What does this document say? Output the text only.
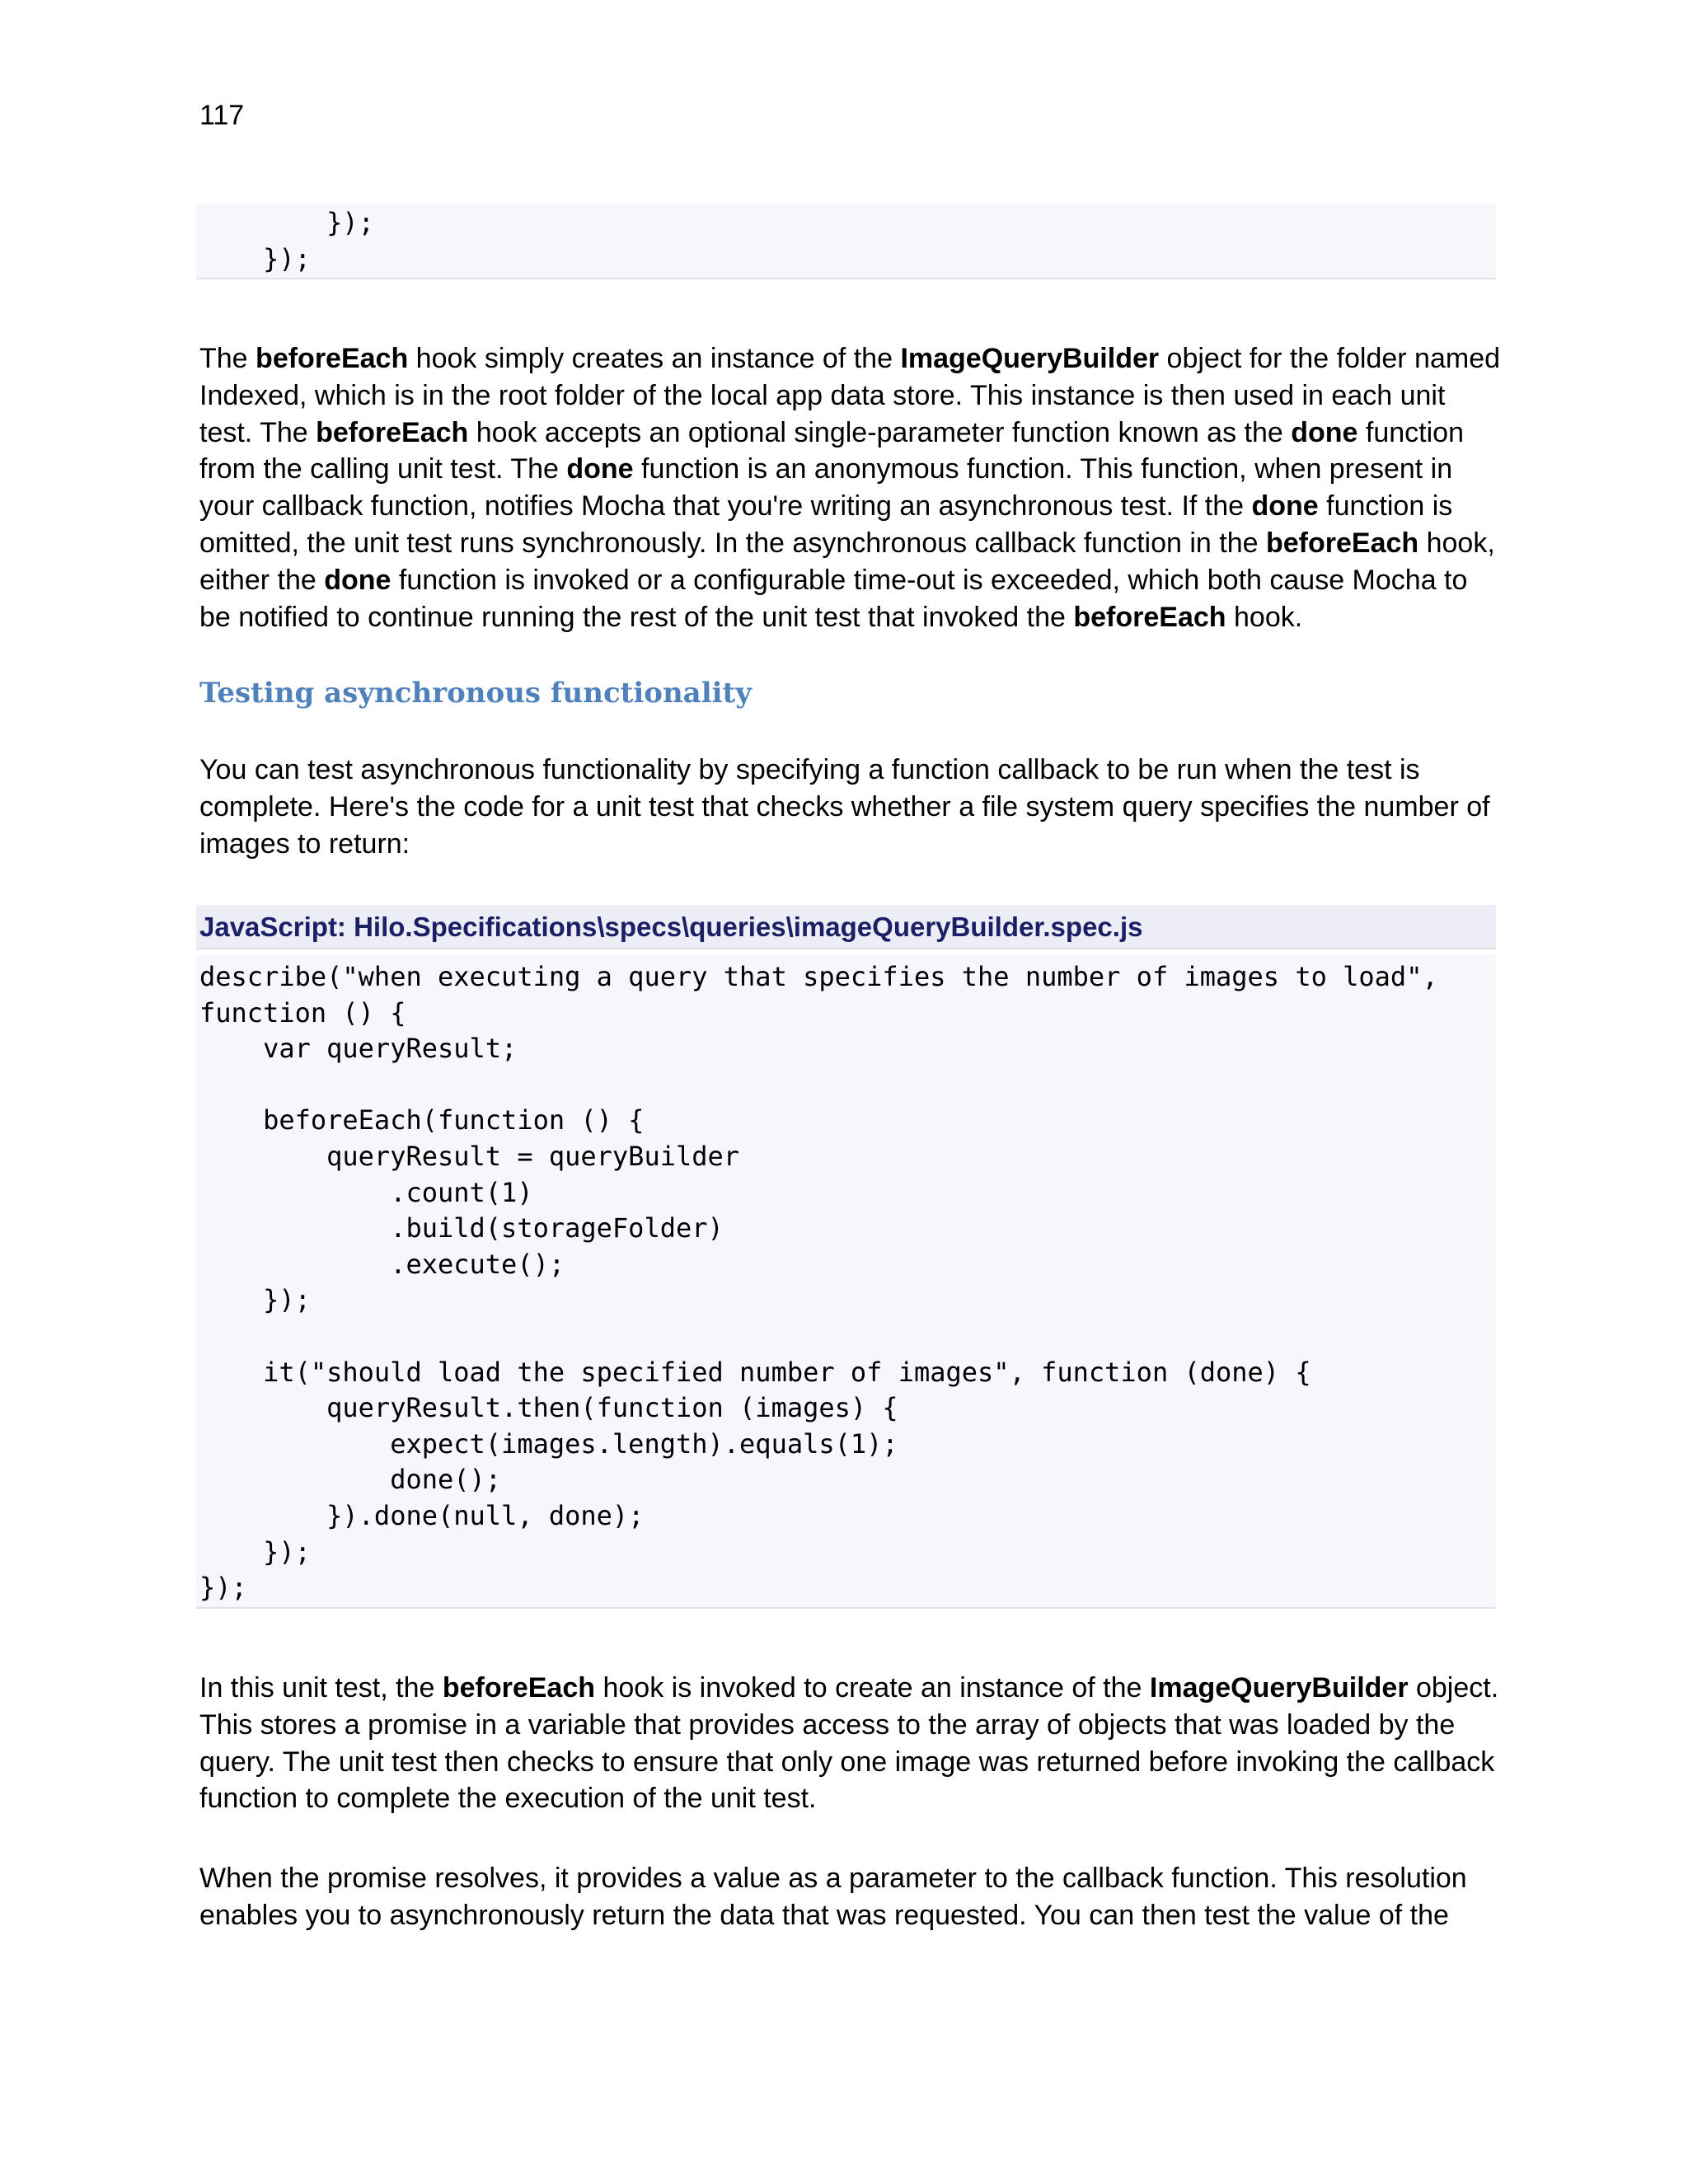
117
});
});

The beforeEach hook simply creates an instance of the ImageQueryBuilder object for the folder named Indexed, which is in the root folder of the local app data store. This instance is then used in each unit test. The beforeEach hook accepts an optional single-parameter function known as the done function from the calling unit test. The done function is an anonymous function. This function, when present in your callback function, notifies Mocha that you're writing an asynchronous test. If the done function is omitted, the unit test runs synchronously. In the asynchronous callback function in the beforeEach hook, either the done function is invoked or a configurable time-out is exceeded, which both cause Mocha to be notified to continue running the rest of the unit test that invoked the beforeEach hook.

Testing asynchronous functionality

You can test asynchronous functionality by specifying a function callback to be run when the test is complete. Here's the code for a unit test that checks whether a file system query specifies the number of images to return:

JavaScript: Hilo.Specifications\specs\queries\imageQueryBuilder.spec.js
describe("when executing a query that specifies the number of images to load",
function () {
var queryResult;

beforeEach(function () {
queryResult = queryBuilder
.count(1)
.build(storageFolder)
.execute();
});

it("should load the specified number of images", function (done) {
queryResult.then(function (images) {
expect(images.length).equals(1);
done();
}).done(null, done);
});
});

In this unit test, the beforeEach hook is invoked to create an instance of the ImageQueryBuilder object. This stores a promise in a variable that provides access to the array of objects that was loaded by the query. The unit test then checks to ensure that only one image was returned before invoking the callback function to complete the execution of the unit test.

When the promise resolves, it provides a value as a parameter to the callback function. This resolution enables you to asynchronously return the data that was requested. You can then test the value of the
